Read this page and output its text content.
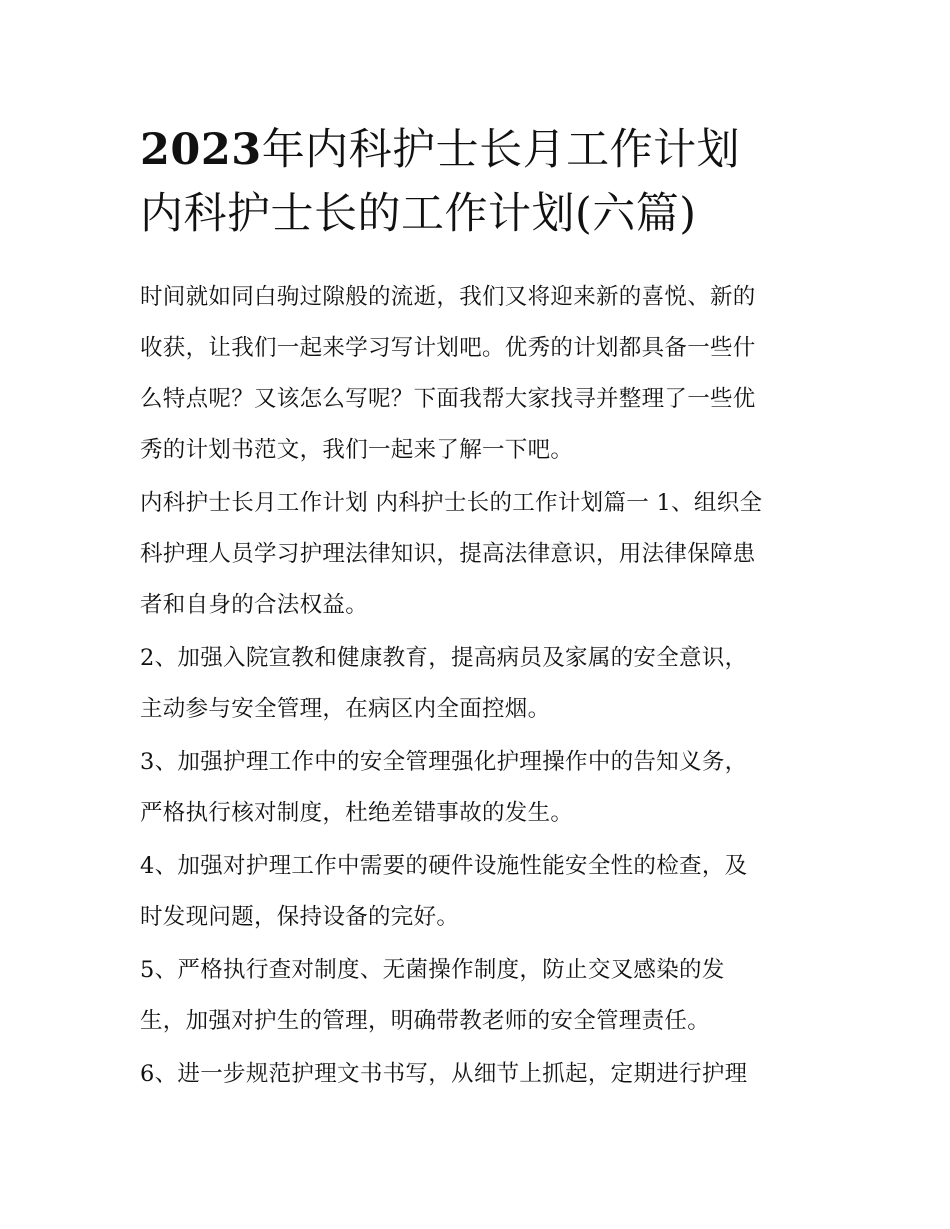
2023年内科护士长月工作计划
内科护士长的工作计划(六篇)

时间就如同白驹过隙般的流逝，我们又将迎来新的喜悦、新的
收获，让我们一起来学习写计划吧。优秀的计划都具备一些什
么特点呢？又该怎么写呢？下面我帮大家找寻并整理了一些优
秀的计划书范文，我们一起来了解一下吧。

内科护士长月工作计划 内科护士长的工作计划篇一 1、组织全
科护理人员学习护理法律知识，提高法律意识，用法律保障患
者和自身的合法权益。

2、加强入院宣教和健康教育，提高病员及家属的安全意识，
主动参与安全管理，在病区内全面控烟。

3、加强护理工作中的安全管理强化护理操作中的告知义务，
严格执行核对制度，杜绝差错事故的发生。

4、加强对护理工作中需要的硬件设施性能安全性的检查，及
时发现问题，保持设备的完好。

5、严格执行查对制度、无菌操作制度，防止交叉感染的发
生，加强对护生的管理，明确带教老师的安全管理责任。

6、进一步规范护理文书书写，从细节上抓起，定期进行护理
